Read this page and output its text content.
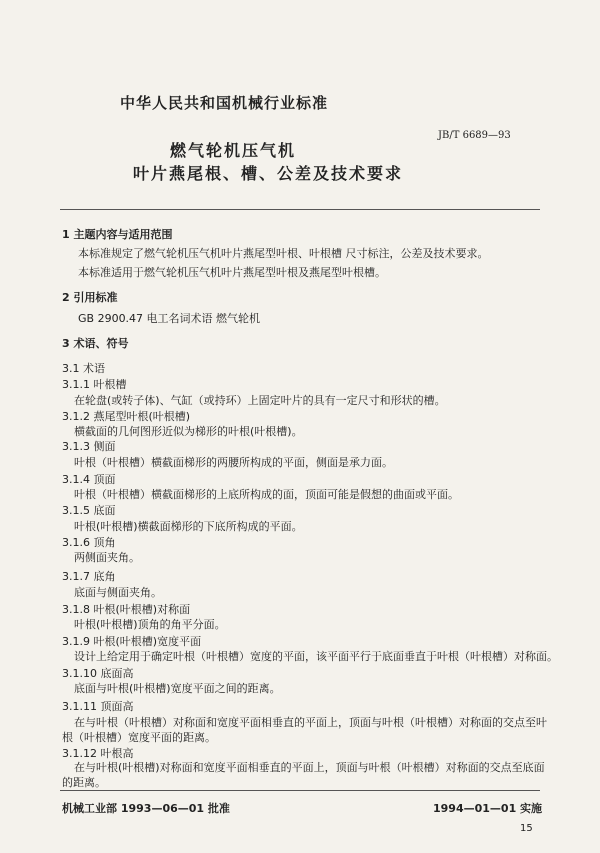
中华人民共和国机械行业标准
JB/T 6689—93
燃气轮机压气机
叶片燕尾根、槽、公差及技术要求
1 主题内容与适用范围
本标准规定了燃气轮机压气机叶片燕尾型叶根、叶根槽 尺寸标注，公差及技术要求。
本标准适用于燃气轮机压气机叶片燕尾型叶根及燕尾型叶根槽。
2 引用标准
GB 2900.47 电工名词术语 燃气轮机
3 术语、符号
3.1 术语
3.1.1 叶根槽
在轮盘(或转子体)、气缸（或持环）上固定叶片的具有一定尺寸和形状的槽。
3.1.2 燕尾型叶根(叶根槽)
横截面的几何图形近似为梯形的叶根(叶根槽)。
3.1.3 侧面
叶根（叶根槽）横截面梯形的两腰所构成的平面，侧面是承力面。
3.1.4 顶面
叶根（叶根槽）横截面梯形的上底所构成的面，顶面可能是假想的曲面或平面。
3.1.5 底面
叶根(叶根槽)横截面梯形的下底所构成的平面。
3.1.6 顶角
两侧面夹角。
3.1.7 底角
底面与侧面夹角。
3.1.8 叶根(叶根槽)对称面
叶根(叶根槽)顶角的角平分面。
3.1.9 叶根(叶根槽)宽度平面
设计上给定用于确定叶根（叶根槽）宽度的平面，该平面平行于底面垂直于叶根（叶根槽）对称面。
3.1.10 底面高
底面与叶根(叶根槽)宽度平面之间的距离。
3.1.11 顶面高
在与叶根（叶根槽）对称面和宽度平面相垂直的平面上，顶面与叶根（叶根槽）对称面的交点至叶
根（叶根槽）宽度平面的距离。
3.1.12 叶根高
在与叶根(叶根槽)对称面和宽度平面相垂直的平面上，顶面与叶根（叶根槽）对称面的交点至底面
的距离。
机械工业部 1993—06—01 批准	1994—01—01 实施
15
